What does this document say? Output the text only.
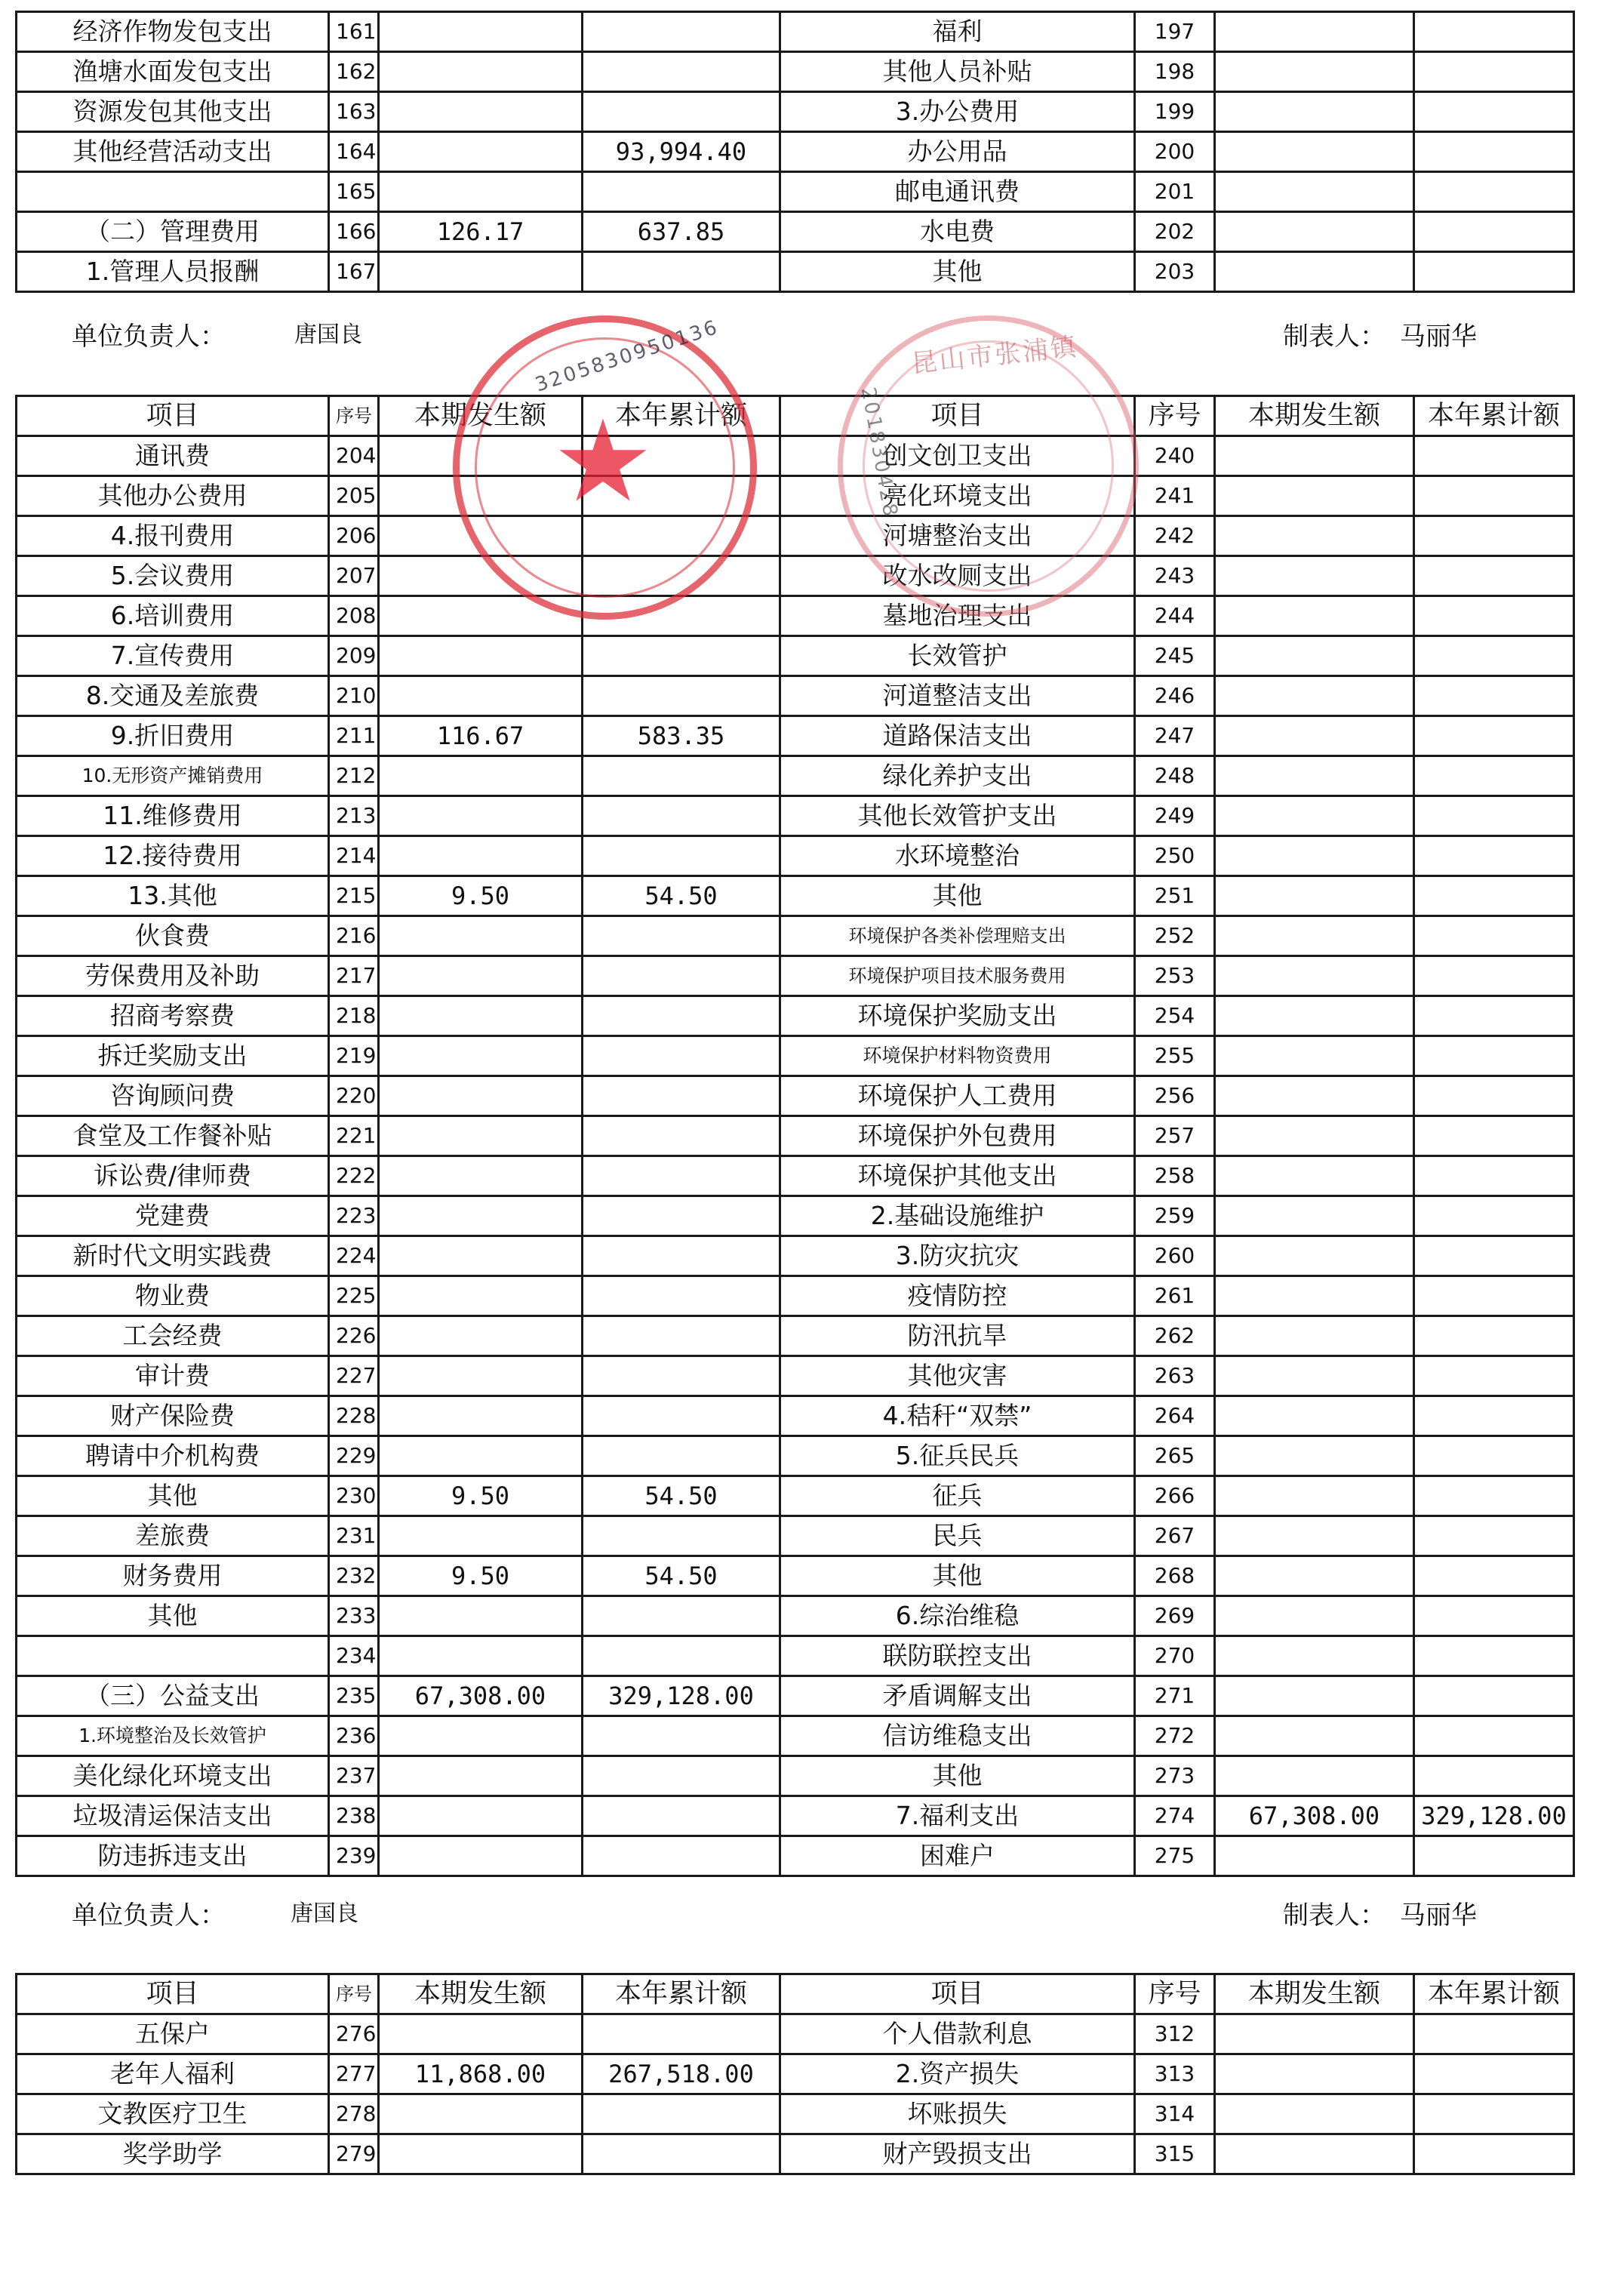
经济作物发包支出	161			福利	197		
渔塘水面发包支出	162			其他人员补贴	198		
资源发包其他支出	163			3.办公费用	199		
其他经营活动支出	164		93,994.40	办公用品	200		
	165			邮电通讯费	201		
（二）管理费用	166	126.17	637.85	水电费	202		
1.管理人员报酬	167			其他	203		
单位负责人：	唐国良	制表人： 马丽华
项目	序号	本期发生额	本年累计额	项目	序号	本期发生额	本年累计额
通讯费	204			创文创卫支出	240		
其他办公费用	205			亮化环境支出	241		
4.报刊费用	206			河塘整治支出	242		
5.会议费用	207			改水改厕支出	243		
6.培训费用	208			墓地治理支出	244		
7.宣传费用	209			长效管护	245		
8.交通及差旅费	210			河道整洁支出	246		
9.折旧费用	211	116.67	583.35	道路保洁支出	247		
10.无形资产摊销费用	212			绿化养护支出	248		
11.维修费用	213			其他长效管护支出	249		
12.接待费用	214			水环境整治	250		
13.其他	215	9.50	54.50	其他	251		
伙食费	216			环境保护各类补偿理赔支出	252		
劳保费用及补助	217			环境保护项目技术服务费用	253		
招商考察费	218			环境保护奖励支出	254		
拆迁奖励支出	219			环境保护材料物资费用	255		
咨询顾问费	220			环境保护人工费用	256		
食堂及工作餐补贴	221			环境保护外包费用	257		
诉讼费/律师费	222			环境保护其他支出	258		
党建费	223			2.基础设施维护	259		
新时代文明实践费	224			3.防灾抗灾	260		
物业费	225			疫情防控	261		
工会经费	226			防汛抗旱	262		
审计费	227			其他灾害	263		
财产保险费	228			4.秸秆“双禁”	264		
聘请中介机构费	229			5.征兵民兵	265		
其他	230	9.50	54.50	征兵	266		
差旅费	231			民兵	267		
财务费用	232	9.50	54.50	其他	268		
其他	233			6.综治维稳	269		
	234			联防联控支出	270		
（三）公益支出	235	67,308.00	329,128.00	矛盾调解支出	271		
1.环境整治及长效管护	236			信访维稳支出	272		
美化绿化环境支出	237			其他	273		
垃圾清运保洁支出	238			7.福利支出	274	67,308.00	329,128.00
防违拆违支出	239			困难户	275		
单位负责人：	唐国良	制表人： 马丽华
项目	序号	本期发生额	本年累计额	项目	序号	本期发生额	本年累计额
五保户	276			个人借款利息	312		
老年人福利	277	11,868.00	267,518.00	2.资产损失	313		
文教医疗卫生	278			坏账损失	314		
奖学助学	279			财产毁损支出	315		
★
3205830950136	昆山市张浦镇
201830428
